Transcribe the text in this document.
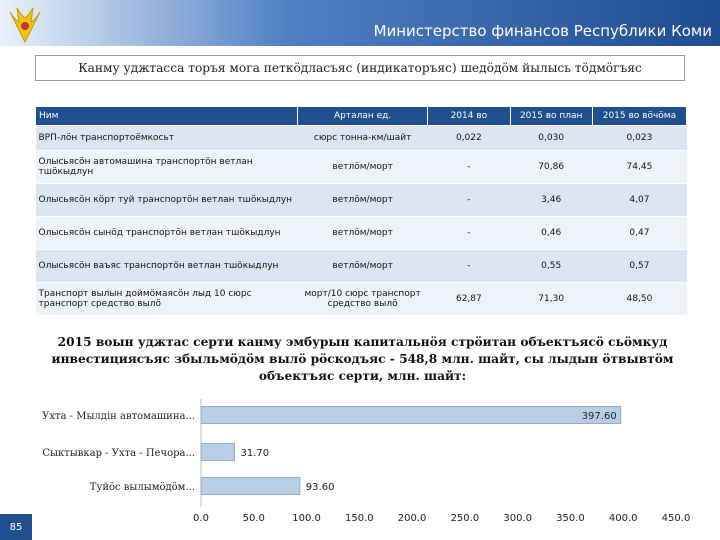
Министерство финансов Республики Коми
Канму уджтасса торъя мога петкӧдласъяс (индикаторъяс) шедӧдӧм йылысь тӧдмӧгъяс
Ним	Арталан ед.	2014 во	2015 во план	2015 во вӧчӧма
ВРП-лӧн транспортоёмкосьт	сюрс тонна-км/шайт	0,022	0,030	0,023
Олысьясӧн автомашина транспортӧн ветлан тшӧкыдлун	ветлӧм/морт	-	70,86	74,45
Олысьясӧн кӧрт туй транспортӧн ветлан тшӧкыдлун	ветлӧм/морт	-	3,46	4,07
Олысьясӧн сынӧд транспортӧн ветлан тшӧкыдлун	ветлӧм/морт	-	0,46	0,47
Олысьясӧн ваъяс транспортӧн ветлан тшӧкыдлун	ветлӧм/морт	-	0,55	0,57
Транспорт вылын доймӧмаясӧн лыд 10 сюрс транспорт средство вылӧ	морт/10 сюрс транспорт средство вылӧ	62,87	71,30	48,50
2015 воын уджтас серти канму эмбурын капитальнӧя стрӧитан объектъясӧ сьӧмкуд инвестициясъяс збыльмӧдӧм вылӧ рӧскодъяс - 548,8 млн. шайт, сы лыдын ӧтвывтӧм объектъяс серти, млн. шайт:
Ухта - Мылдін автомашина...	397.60
Сыктывкар - Ухта - Печора...	31.70
Туйӧс вылымӧдӧм...	93.60
0.0	50.0	100.0 150.0 200.0 250.0 300.0 350.0 400.0 450.0
85
